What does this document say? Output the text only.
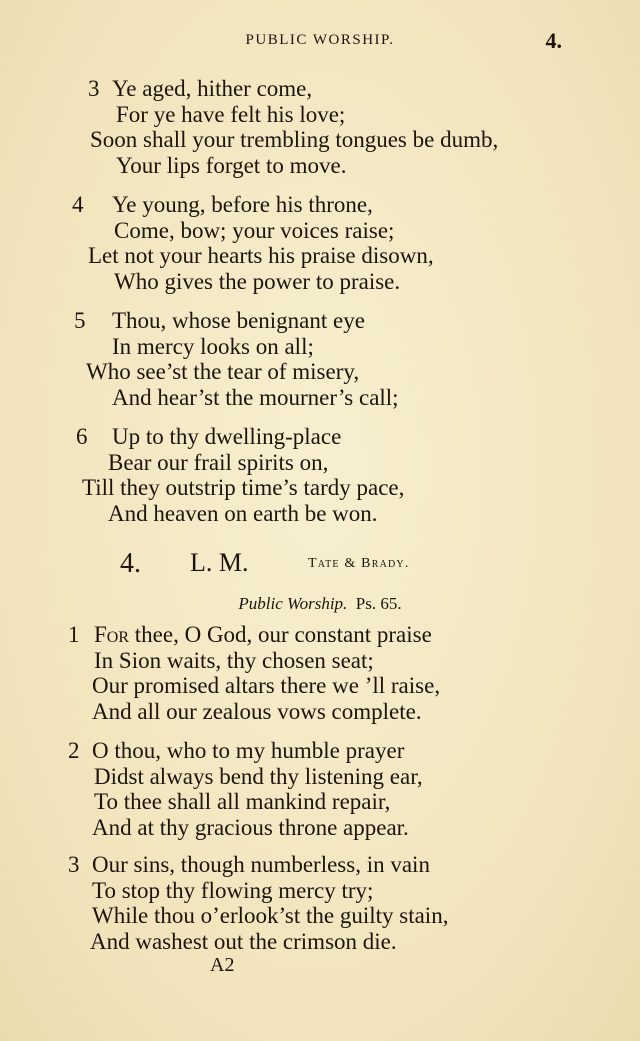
PUBLIC WORSHIP.	4.
3 Ye aged, hither come,

For ye have felt his love;

Soon shall your trembling tongues be dumb,

Your lips forget to move.

4 Ye young, before his throne,

Come, bow; your voices raise;

Let not your hearts his praise disown,

Who gives the power to praise.

5 Thou, whose benignant eye

In mercy looks on all;

Who see’st the tear of misery,

And hear’st the mourner’s call;

6 Up to thy dwelling-place

Bear our frail spirits on,

Till they outstrip time’s tardy pace,

And heaven on earth be won.

4. L. M.	Tate & Brady.
Public Worship. Ps. 65.
1 For thee, O God, our constant praise

In Sion waits, thy chosen seat;

Our promised altars there we ’ll raise,

And all our zealous vows complete.

2 O thou, who to my humble prayer

Didst always bend thy listening ear,

To thee shall all mankind repair,

And at thy gracious throne appear.

3 Our sins, though numberless, in vain

To stop thy flowing mercy try;

While thou o’erlook’st the guilty stain,

And washest out the crimson die.

A2
